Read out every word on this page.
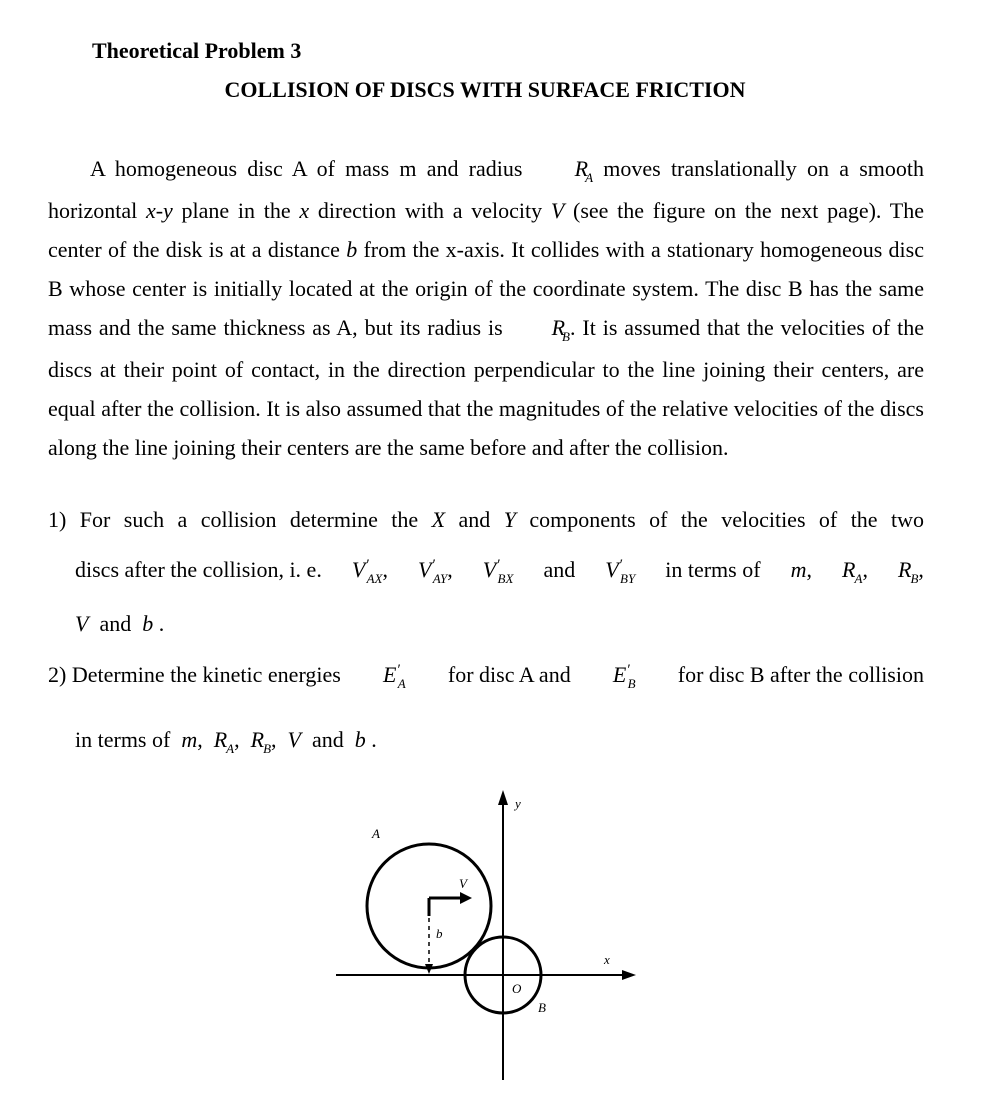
Theoretical Problem 3
COLLISION OF DISCS WITH SURFACE FRICTION

A homogeneous disc A of mass m and radius $R_A$ moves translationally on a smooth horizontal x-y plane in the x direction with a velocity V (see the figure on the next page). The center of the disk is at a distance b from the x-axis. It collides with a stationary homogeneous disc B whose center is initially located at the origin of the coordinate system. The disc B has the same mass and the same thickness as A, but its radius is $R_B$. It is assumed that the velocities of the discs at their point of contact, in the direction perpendicular to the line joining their centers, are equal after the collision. It is also assumed that the magnitudes of the relative velocities of the discs along the line joining their centers are the same before and after the collision.

1) For such a collision determine the X and Y components of the velocities of the two

discs after the collision, i. e. $V'_{AX}$, $V'_{AY}$, $V'_{BX}$ and $V'_{BY}$ in terms of m, $R_A$, $R_B$,

V and b .

2) Determine the kinetic energies $E'_A$ for disc A and $E'_B$ for disc B after the collision

in terms of m,  $R_A$,  $R_B$,  V and b .

A
V
b
y
x
O
B
